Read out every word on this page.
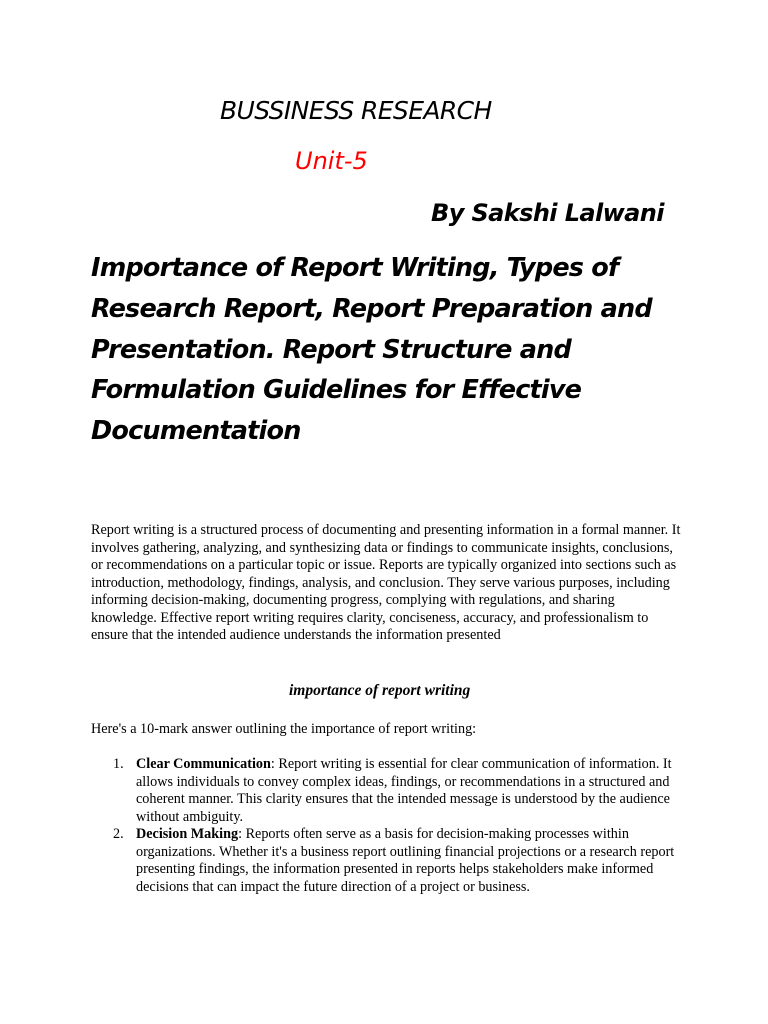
BUSSINESS RESEARCH
Unit-5
By Sakshi Lalwani
Importance of Report Writing, Types of
Research Report, Report Preparation and
Presentation. Report Structure and
Formulation Guidelines for Effective
Documentation

Report writing is a structured process of documenting and presenting information in a formal manner. It involves gathering, analyzing, and synthesizing data or findings to communicate insights, conclusions, or recommendations on a particular topic or issue. Reports are typically organized into sections such as introduction, methodology, findings, analysis, and conclusion. They serve various purposes, including informing decision-making, documenting progress, complying with regulations, and sharing knowledge. Effective report writing requires clarity, conciseness, accuracy, and professionalism to ensure that the intended audience understands the information presented

importance of report writing
Here's a 10-mark answer outlining the importance of report writing:
1. Clear Communication: Report writing is essential for clear communication of information. It allows individuals to convey complex ideas, findings, or recommendations in a structured and coherent manner. This clarity ensures that the intended message is understood by the audience without ambiguity.
2. Decision Making: Reports often serve as a basis for decision-making processes within organizations. Whether it's a business report outlining financial projections or a research report presenting findings, the information presented in reports helps stakeholders make informed decisions that can impact the future direction of a project or business.
